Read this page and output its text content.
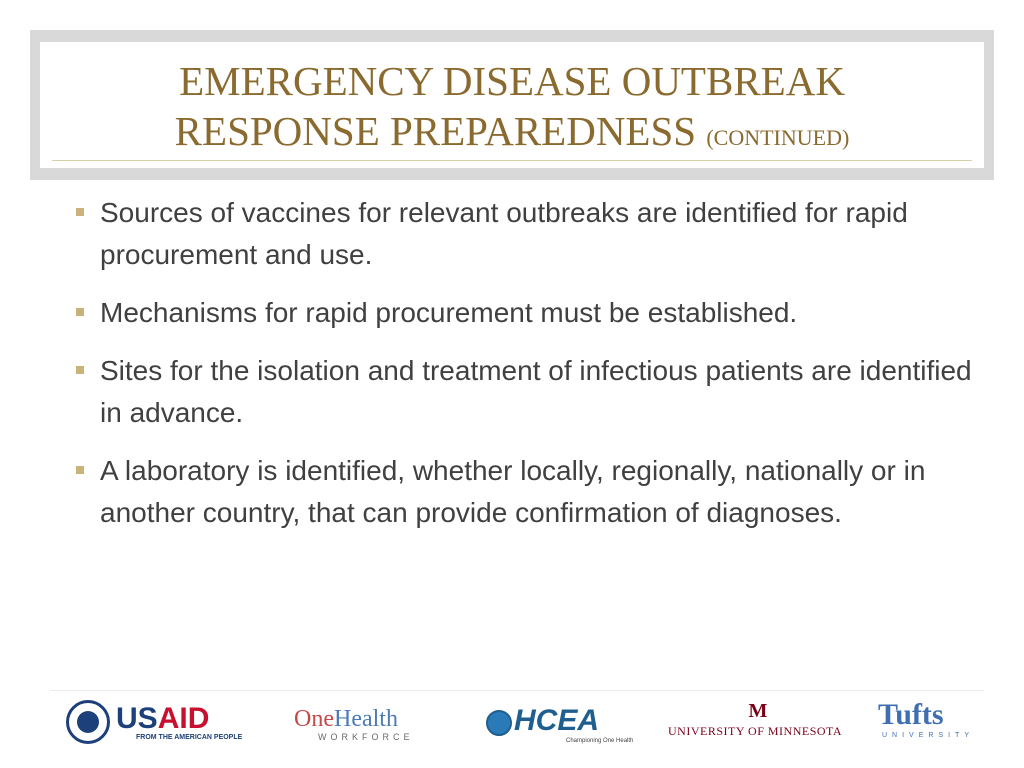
EMERGENCY DISEASE OUTBREAK
RESPONSE PREPAREDNESS (CONTINUED)
Sources of vaccines for relevant outbreaks are identified for rapid procurement and use.
Mechanisms for rapid procurement must be established.
Sites for the isolation and treatment of infectious patients are identified in advance.
A laboratory is identified, whether locally, regionally, nationally or in another country, that can provide confirmation of diagnoses.
USAID
FROM THE AMERICAN PEOPLE
OneHealth
WORKFORCE	HCEA
Championing One Health
M
UNIVERSITY OF MINNESOTA Tufts
UNIVERSITY
